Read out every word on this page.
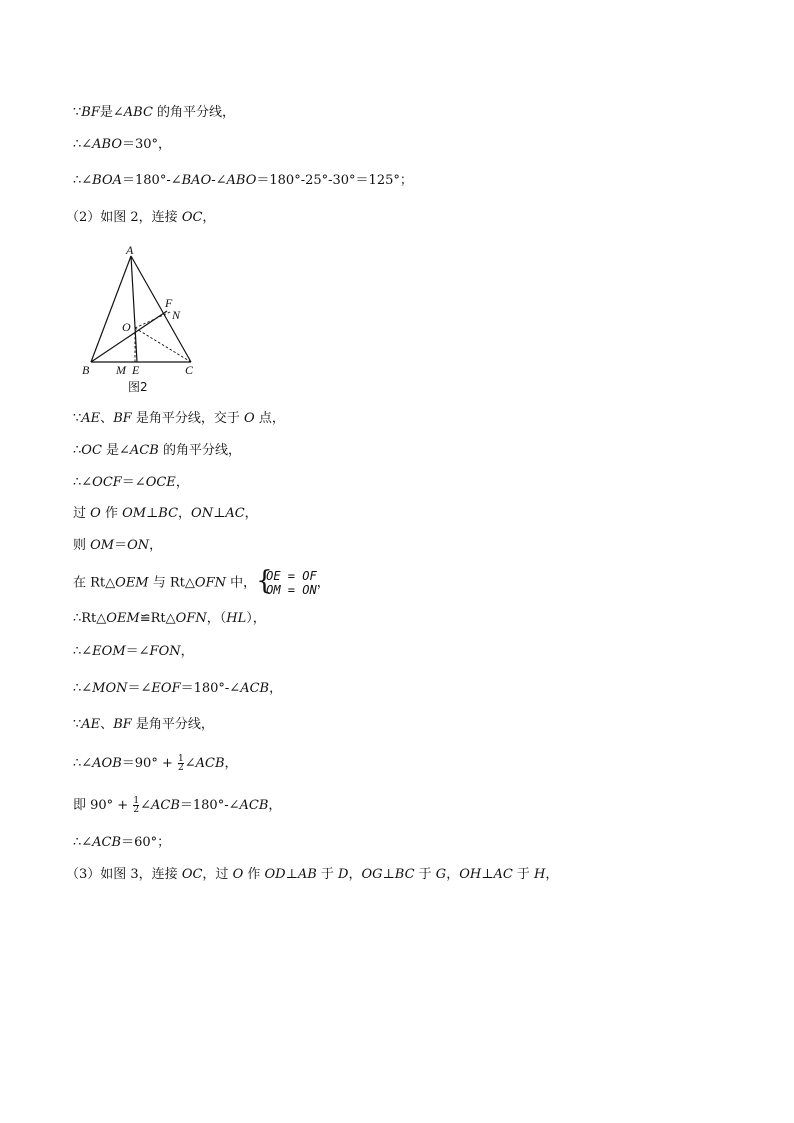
∵BF是∠ABC 的角平分线，
∴∠ABO＝30°，
∴∠BOA＝180°-∠BAO-∠ABO＝180°-25°-30°＝125°；
（2）如图 2，连接 OC，
A
B	C
O
F
N
M E
图2
∵AE、BF 是角平分线，交于 O 点，
∴OC 是∠ACB 的角平分线，
∴∠OCF＝∠OCE，
过 O 作 OM⊥BC，ON⊥AC，
则 OM＝ON，
在 Rt△OEM 与 Rt△OFN 中， {
OE = OF
OM = ON ，
∴Rt△OEM≌Rt△OFN，（HL），
∴∠EOM＝∠FON，
∴∠MON＝∠EOF＝180°-∠ACB，
∵AE、BF 是角平分线，
∴∠AOB＝90° + $\frac{1}{2}$ ∠ACB，
即 $90^\circ + \frac{1}{2}$ ∠ACB＝180°-∠ACB，
∴∠ACB＝60°；
（3）如图 3，连接 OC，过 O 作 OD⊥AB 于 D，OG⊥BC 于 G，OH⊥AC 于 H，
